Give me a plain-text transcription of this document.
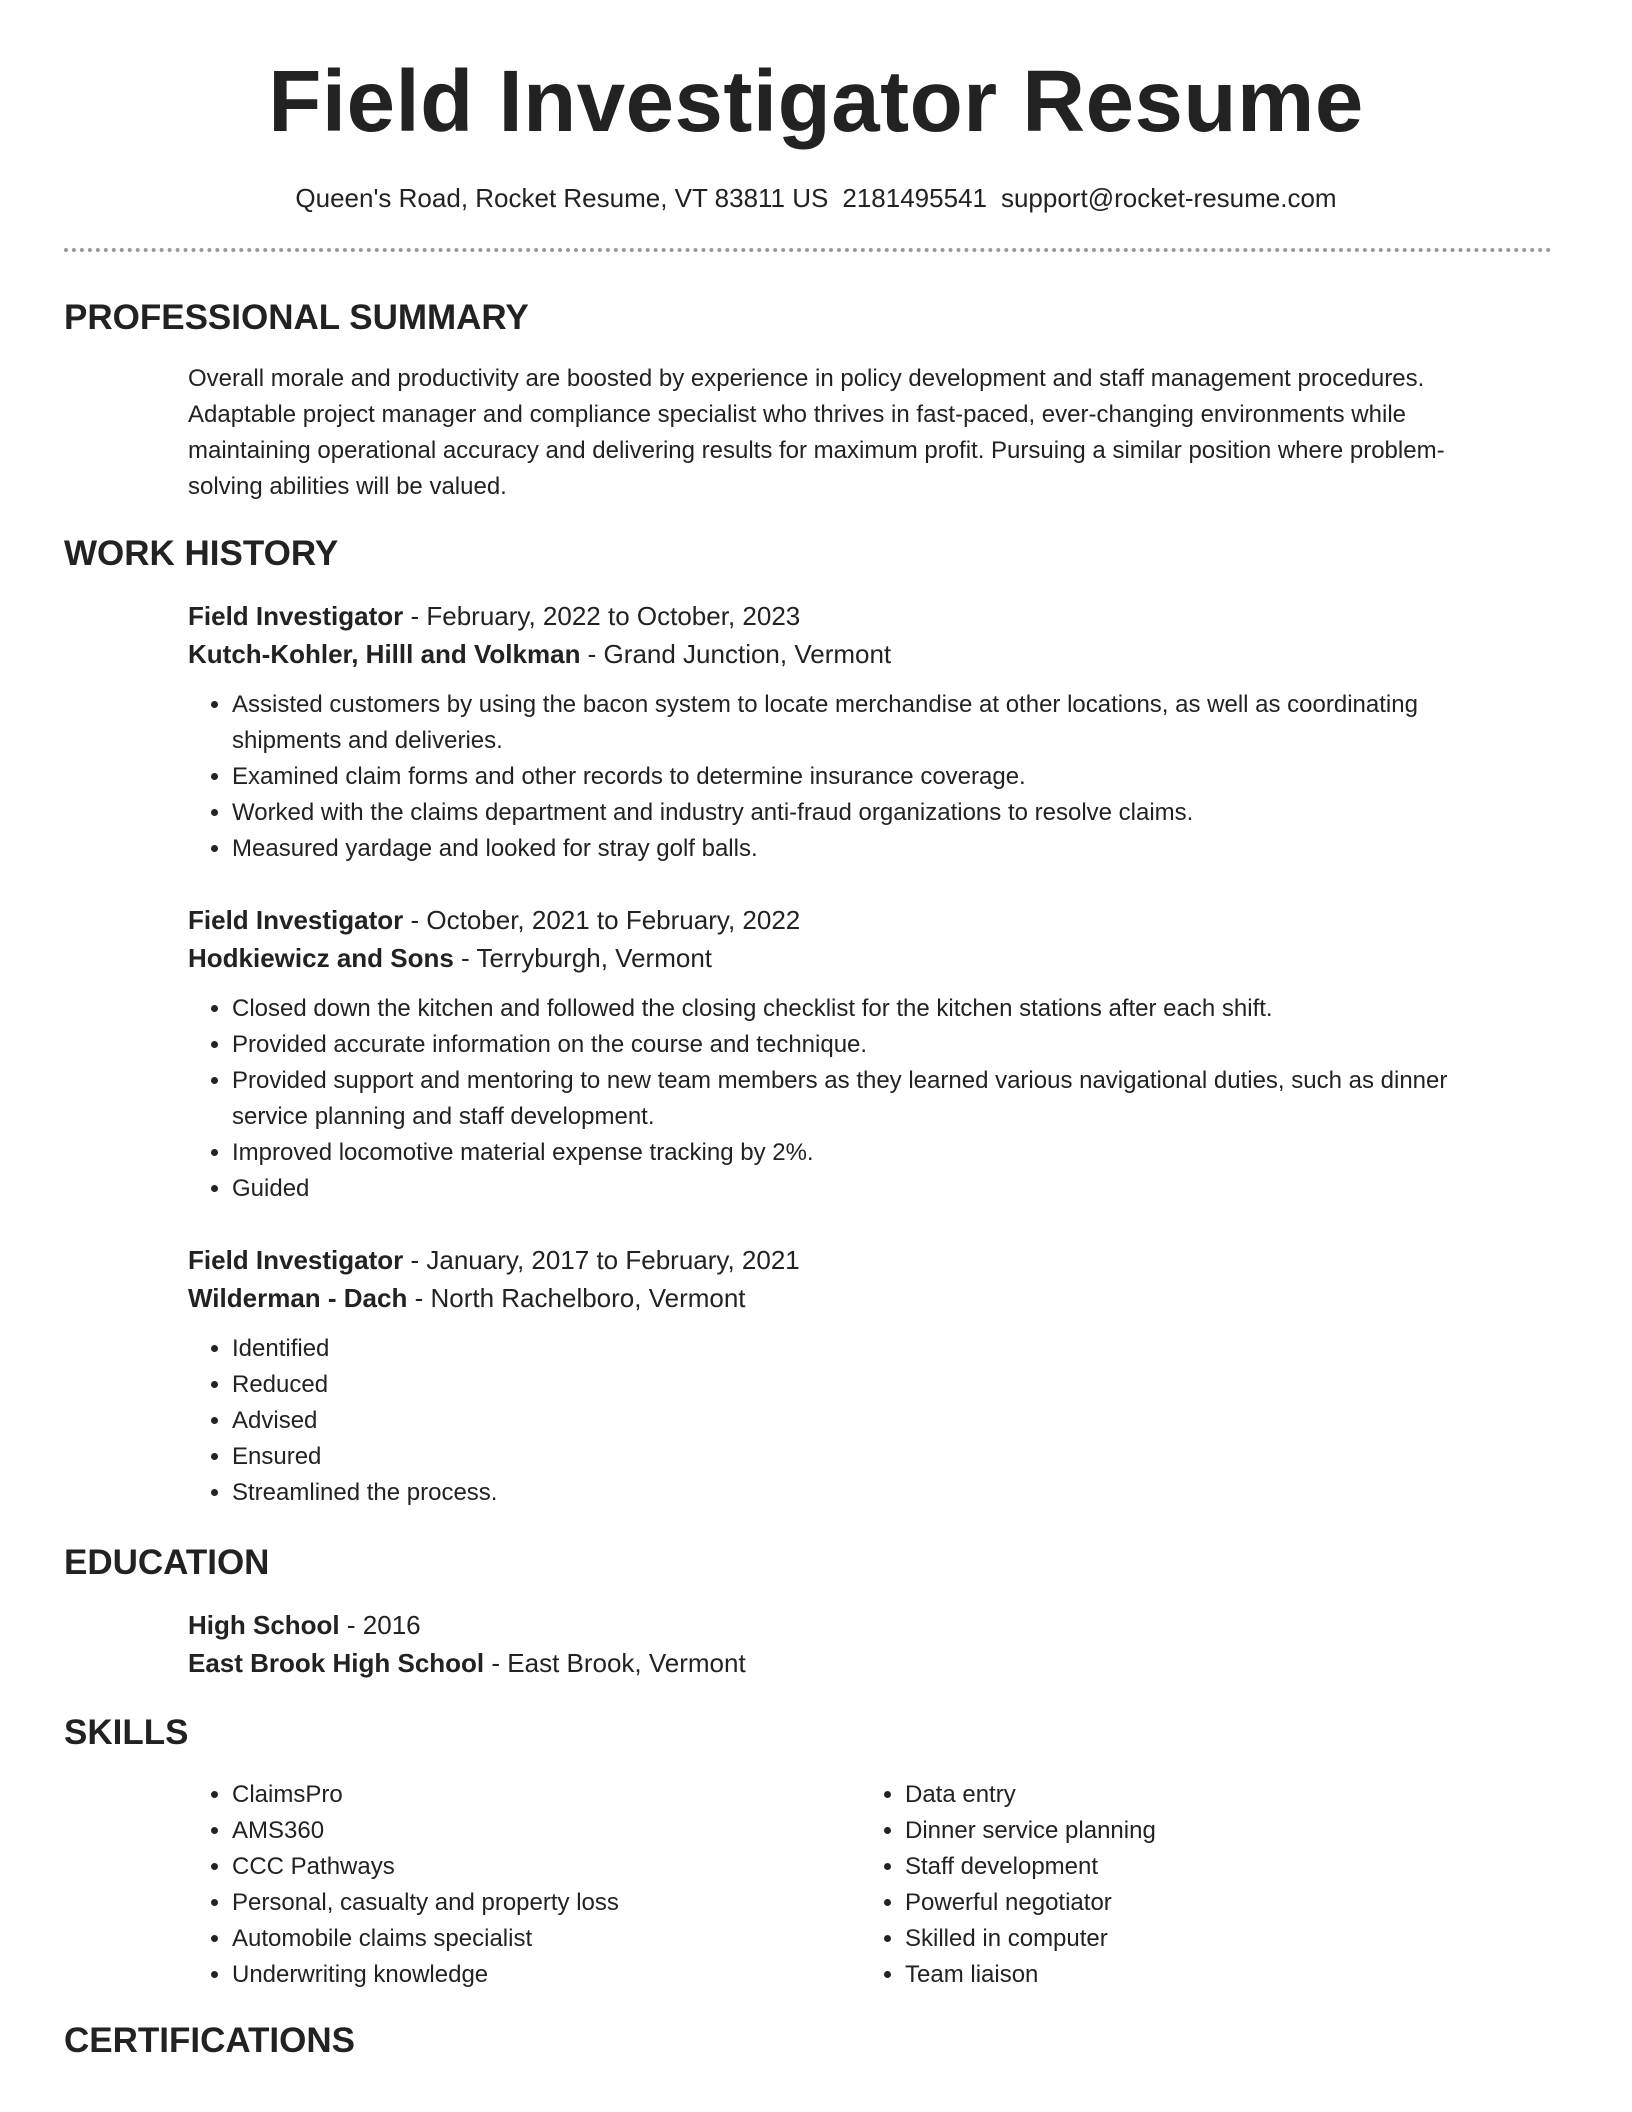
Field Investigator Resume
Queen's Road, Rocket Resume, VT 83811 US 2181495541 support@rocket-resume.com
PROFESSIONAL SUMMARY

Overall morale and productivity are boosted by experience in policy development and staff management procedures. Adaptable project manager and compliance specialist who thrives in fast-paced, ever-changing environments while maintaining operational accuracy and delivering results for maximum profit. Pursuing a similar position where problem-solving abilities will be valued.

WORK HISTORY

Field Investigator - February, 2022 to October, 2023

Kutch-Kohler, Hilll and Volkman - Grand Junction, Vermont

• Assisted customers by using the bacon system to locate merchandise at other locations, as well as coordinating shipments and deliveries.
• Examined claim forms and other records to determine insurance coverage.
• Worked with the claims department and industry anti-fraud organizations to resolve claims.
• Measured yardage and looked for stray golf balls.

Field Investigator - October, 2021 to February, 2022

Hodkiewicz and Sons - Terryburgh, Vermont

• Closed down the kitchen and followed the closing checklist for the kitchen stations after each shift.
• Provided accurate information on the course and technique.
• Provided support and mentoring to new team members as they learned various navigational duties, such as dinner service planning and staff development.
• Improved locomotive material expense tracking by 2%.
• Guided

Field Investigator - January, 2017 to February, 2021

Wilderman - Dach - North Rachelboro, Vermont

• Identified
• Reduced
• Advised
• Ensured
• Streamlined the process.
EDUCATION

High School - 2016

East Brook High School - East Brook, Vermont

SKILLS
• ClaimsPro
• AMS360
• CCC Pathways
• Personal, casualty and property loss
• Automobile claims specialist
• Underwriting knowledge
• Data entry
• Dinner service planning
• Staff development
• Powerful negotiator
• Skilled in computer
• Team liaison
CERTIFICATIONS
